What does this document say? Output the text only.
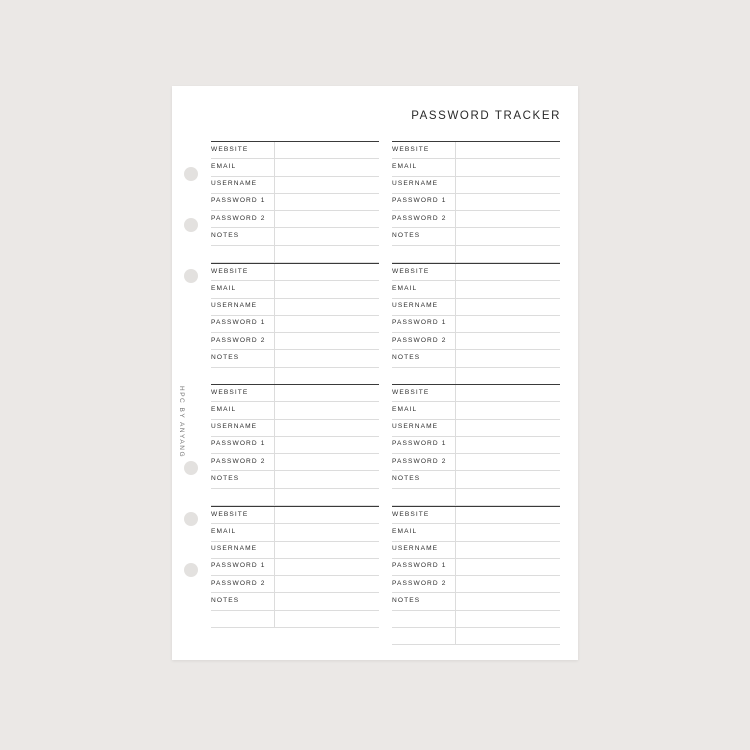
PASSWORD TRACKER
HPC BY ANYANG
WEBSITE
EMAIL
USERNAME
PASSWORD 1
PASSWORD 2
NOTES
WEBSITE
EMAIL
USERNAME
PASSWORD 1
PASSWORD 2
NOTES
WEBSITE
EMAIL
USERNAME
PASSWORD 1
PASSWORD 2
NOTES
WEBSITE
EMAIL
USERNAME
PASSWORD 1
PASSWORD 2
NOTES
WEBSITE
EMAIL
USERNAME
PASSWORD 1
PASSWORD 2
NOTES
WEBSITE
EMAIL
USERNAME
PASSWORD 1
PASSWORD 2
NOTES
WEBSITE
EMAIL
USERNAME
PASSWORD 1
PASSWORD 2
NOTES
WEBSITE
EMAIL
USERNAME
PASSWORD 1
PASSWORD 2
NOTES
